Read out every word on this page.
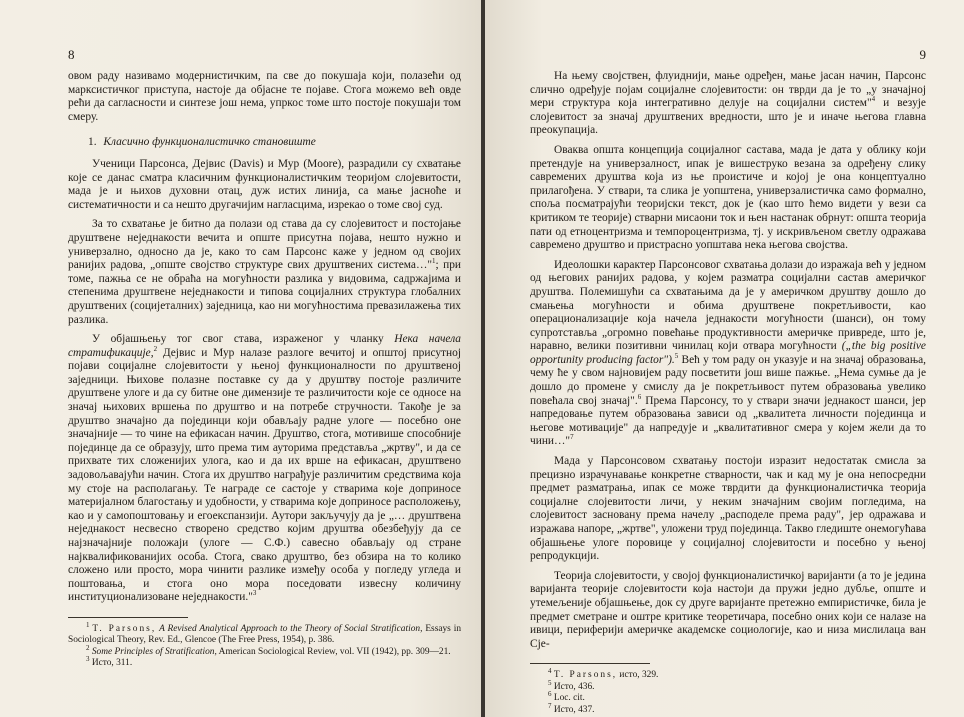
8

овом раду називамо модернистичким, па све до покушаја који, полазећи од марксистичког приступа, настоје да објасне те појаве. Стога можемо већ овде рећи да сагласности и синтезе још нема, упркос томе што постоје покушаји том смеру.

1. Класично функционалистичко становиште

Ученици Парсонса, Дејвис (Davis) и Мур (Moore), разрадили су схватање које се данас сматра класичним функционалистичким теоријом слојевитости, мада је и њихов духовни отац, дуж истих линија, са мање јасноће и систематичности и са нешто другачијим нагласцима, изрекао о томе свој суд.

За то схватање је битно да полази од става да су слојевитост и постојање друштвене неједнакости вечита и опште присутна појава, нешто нужно и универзално, односно да је, како то сам Парсонс каже у једном од својих ранијих радова, „опште својство структуре свих друштвених система…"$^1$; при томе, пажња се не обраћа на могућности разлика у видовима, садржајима и степенима друштвене неједнакости и типова социјалних структура глобалних друштвених (социјеталних) заједница, као ни могућностима превазилажења тих разлика.

У објашњењу тог свог става, израженог у чланку Нека начела стратификације,$^2$ Дејвис и Мур налазе разлоге вечитој и општој присутној појави социјалне слојевитости у њеној функционалности по друштвеној заједници. Њихове полазне поставке су да у друштву постоје различите друштвене улоге и да су битне оне димензије те различитости које се односе на значај њихових вршења по друштво и на потребе стручности. Такође је за друштво значајно да појединци који обављају радне улоге — посебно оне значајније — то чине на ефикасан начин. Друштво, стога, мотивише способније појединце да се образују, што према тим ауторима представља „жртву", и да се прихвате тих сложенијих улога, као и да их врше на ефикасан, друштвено задовољавајући начин. Стога их друштво награђује различитим средствима која му стоје на располагању. Те награде се састоје у стварима које доприносе материјалном благостању и удобности, у стварима које доприносе расположењу, као и у самопоштовању и егоекспанзији. Аутори закључују да је „… друштвена неједнакост несвесно створено средство којим друштва обезбеђују да се најзначајније положаји (улоге — С.Ф.) савесно обављају од стране најквалификованијих особа. Стога, свако друштво, без обзира на то колико сложено или просто, мора чинити разлике између особа у погледу угледа и поштовања, и стога оно мора поседовати извесну количину институционализоване неједнакости."$^3$

$^1$ T. Parsons, A Revised Analytical Approach to the Theory of Social Stratification, Essays in Sociological Theory, Rev. Ed., Glencoe (The Free Press, 1954), p. 386.

$^2$ Some Principles of Stratification, American Sociological Review, vol. VII (1942), pp. 309—21.

$^3$ Исто, 311.

9

На њему својствен, флуиднији, мање одређен, мање јасан начин, Парсонс слично одређује појам социјалне слојевитости: он тврди да је то „у значајној мери структура која интегративно делује на социјални систем"$^4$ и везује слојевитост за значај друштвених вредности, што је и иначе његова главна преокупација.

Оваква општа концепција социјалног састава, мада је дата у облику који претендује на универзалност, ипак је вишеструко везана за одређену слику савремених друштва која из ње проистиче и којој је она концептуално прилагођена. У ствари, та слика је уопштена, универзалистичка само формално, споља посматрајући теоријски текст, док је (као што ћемо видети у вези са критиком те теорије) стварни мисаони ток и њен настанак обрнут: општа теорија пати од етноцентризма и темпороцентризма, тј. у искривљеном светлу одражава савремено друштво и пристрасно уопштава нека његова својства.

Идеолошки карактер Парсонсовог схватања долази до изражаја већ у једном од његових ранијих радова, у којем разматра социјални састав америчког друштва. Полемишући са схватањима да је у америчком друштву дошло до смањења могућности и обима друштвене покретљивости, као операционализације која начела једнакости могућности (шанси), он тому супротставља „огромно повећање продуктивности америчке привреде, што је, наравно, велики позитивни чинилац који отвара могућности („the big positive opportunity producing factor").$^5$ Већ у том раду он указује и на значај образовања, чему ће у свом најновијем раду посветити још више пажње. „Нема сумње да је дошло до промене у смислу да је покретљивост путем образовања увелико повећала свој значај".$^6$ Према Парсонсу, то у ствари значи једнакост шанси, јер напредовање путем образовања зависи од „квалитета личности појединца и његове мотивације" да напредује и „квалитативног смера у којем жели да то чини…"$^7$

Мада у Парсонсовом схватању постоји изразит недостатак смисла за прецизно израчунавање конкретне стварности, чак и кад му је она непосредни предмет разматрања, ипак се може тврдити да функционалистичка теорија социјалне слојевитости личи, у неким значајним својим погледима, на слојевитост засновану према начелу „расподеле према раду", јер одражава и изражава напоре, „жртве", уложени труд појединца. Такво гледиште онемогућава објашњење улоге поровице у социјалној слојевитости и посебно у њеној репродукцији.

Теорија слојевитости, у својој функционалистичкој варијанти (а то је једина варијанта теорије слојевитости која настоји да пружи једно дубље, опште и утемељеније објашњење, док су друге варијанте претежно емпиристичке, била је предмет сметране и оштре критике теоретичара, посебно оних који се налазе на ивици, периферији америчке академске социологије, као и низа мислилаца ван Сје-

$^4$ T. Parsons, исто, 329.

$^5$ Исто, 436.

$^6$ Loc. cit.

$^7$ Исто, 437.
